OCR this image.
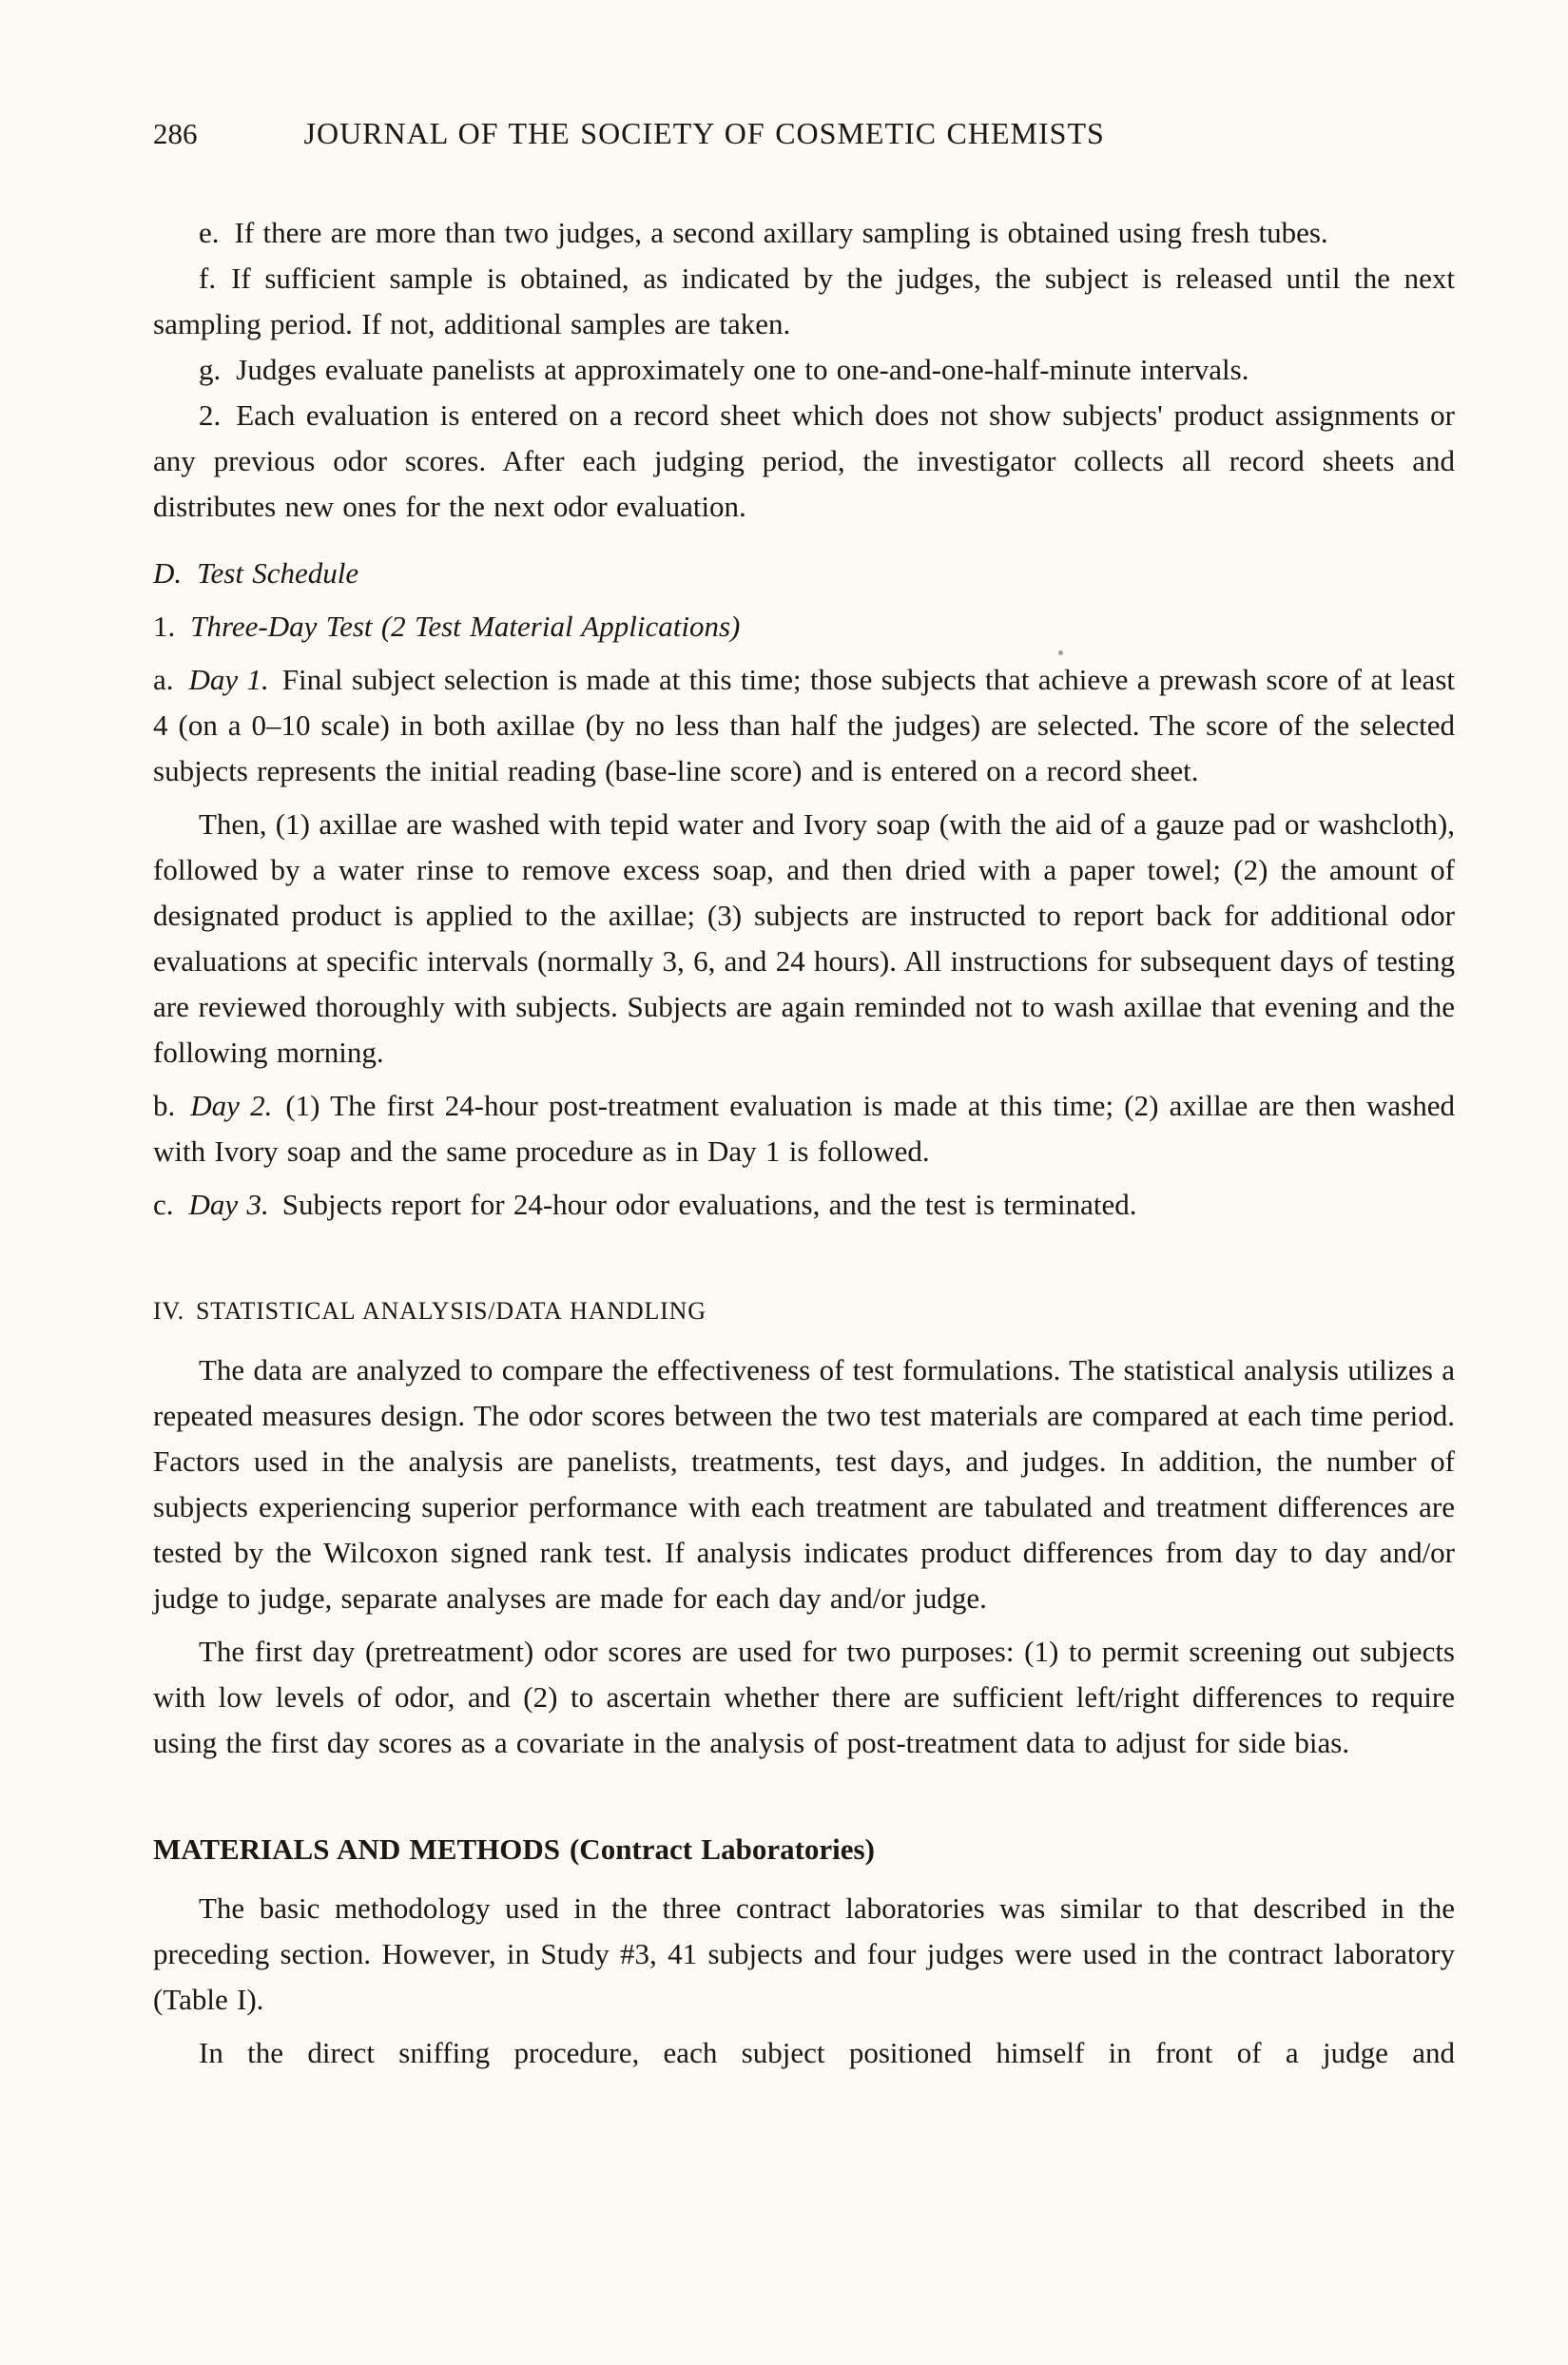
286	JOURNAL OF THE SOCIETY OF COSMETIC CHEMISTS

e. If there are more than two judges, a second axillary sampling is obtained using fresh tubes.

f. If sufficient sample is obtained, as indicated by the judges, the subject is released until the next sampling period. If not, additional samples are taken.

g. Judges evaluate panelists at approximately one to one-and-one-half-minute intervals.

2. Each evaluation is entered on a record sheet which does not show subjects' product assignments or any previous odor scores. After each judging period, the investigator collects all record sheets and distributes new ones for the next odor evaluation.

D. Test Schedule

1. Three-Day Test (2 Test Material Applications)

a. Day 1. Final subject selection is made at this time; those subjects that achieve a prewash score of at least 4 (on a 0–10 scale) in both axillae (by no less than half the judges) are selected. The score of the selected subjects represents the initial reading (base-line score) and is entered on a record sheet.

Then, (1) axillae are washed with tepid water and Ivory soap (with the aid of a gauze pad or washcloth), followed by a water rinse to remove excess soap, and then dried with a paper towel; (2) the amount of designated product is applied to the axillae; (3) subjects are instructed to report back for additional odor evaluations at specific intervals (normally 3, 6, and 24 hours). All instructions for subsequent days of testing are reviewed thoroughly with subjects. Subjects are again reminded not to wash axillae that evening and the following morning.

b. Day 2. (1) The first 24-hour post-treatment evaluation is made at this time; (2) axillae are then washed with Ivory soap and the same procedure as in Day 1 is followed.

c. Day 3. Subjects report for 24-hour odor evaluations, and the test is terminated.

IV. STATISTICAL ANALYSIS/DATA HANDLING

The data are analyzed to compare the effectiveness of test formulations. The statistical analysis utilizes a repeated measures design. The odor scores between the two test materials are compared at each time period. Factors used in the analysis are panelists, treatments, test days, and judges. In addition, the number of subjects experiencing superior performance with each treatment are tabulated and treatment differences are tested by the Wilcoxon signed rank test. If analysis indicates product differences from day to day and/or judge to judge, separate analyses are made for each day and/or judge.

The first day (pretreatment) odor scores are used for two purposes: (1) to permit screening out subjects with low levels of odor, and (2) to ascertain whether there are sufficient left/right differences to require using the first day scores as a covariate in the analysis of post-treatment data to adjust for side bias.

MATERIALS AND METHODS (Contract Laboratories)

The basic methodology used in the three contract laboratories was similar to that described in the preceding section. However, in Study #3, 41 subjects and four judges were used in the contract laboratory (Table I).

In the direct sniffing procedure, each subject positioned himself in front of a judge and
